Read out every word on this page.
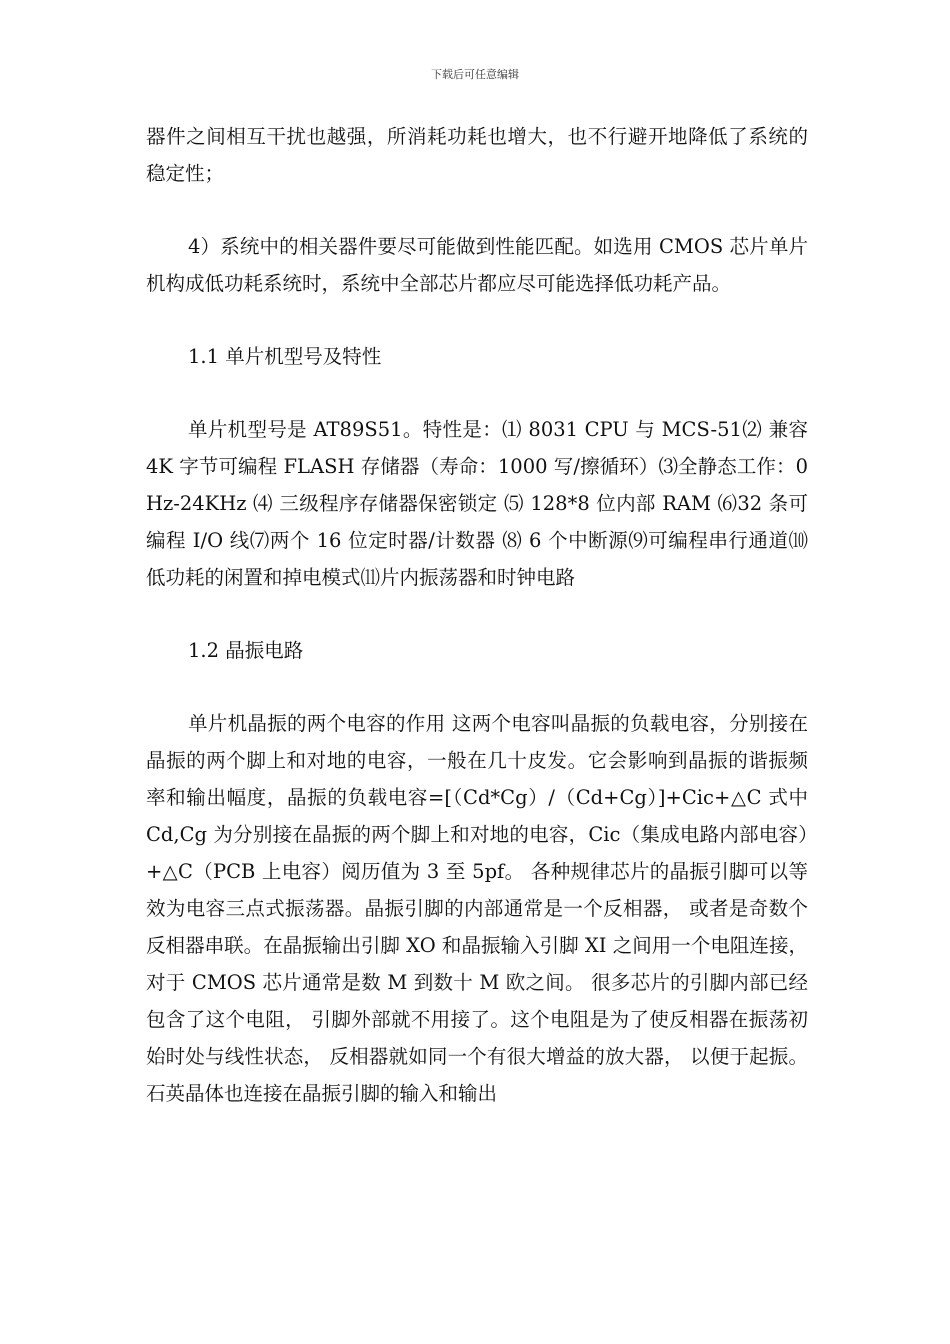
下载后可任意编辑

器件之间相互干扰也越强，所消耗功耗也增大，也不行避开地降低了系统的稳定性；

4）系统中的相关器件要尽可能做到性能匹配。如选用 CMOS 芯片单片机构成低功耗系统时，系统中全部芯片都应尽可能选择低功耗产品。

1.1 单片机型号及特性

单片机型号是 AT89S51。特性是：⑴ 8031 CPU 与 MCS-51⑵ 兼容 4K 字节可编程 FLASH 存储器（寿命：1000 写/擦循环）⑶全静态工作：0Hz-24KHz ⑷ 三级程序存储器保密锁定 ⑸ 128*8 位内部 RAM ⑹32 条可编程 I/O 线⑺两个 16 位定时器/计数器 ⑻ 6 个中断源⑼可编程串行通道⑽低功耗的闲置和掉电模式⑾片内振荡器和时钟电路

1.2 晶振电路

单片机晶振的两个电容的作用 这两个电容叫晶振的负载电容，分别接在晶振的两个脚上和对地的电容，一般在几十皮发。它会影响到晶振的谐振频率和输出幅度，晶振的负载电容=[（Cd*Cg）/（Cd+Cg）]+Cic+△C 式中 Cd,Cg 为分别接在晶振的两个脚上和对地的电容，Cic（集成电路内部电容）+△C（PCB 上电容）阅历值为 3 至 5pf。 各种规律芯片的晶振引脚可以等效为电容三点式振荡器。晶振引脚的内部通常是一个反相器， 或者是奇数个反相器串联。在晶振输出引脚 XO 和晶振输入引脚 XI 之间用一个电阻连接， 对于 CMOS 芯片通常是数 M 到数十 M 欧之间。 很多芯片的引脚内部已经包含了这个电阻， 引脚外部就不用接了。这个电阻是为了使反相器在振荡初始时处与线性状态， 反相器就如同一个有很大增益的放大器， 以便于起振。 石英晶体也连接在晶振引脚的输入和输出
